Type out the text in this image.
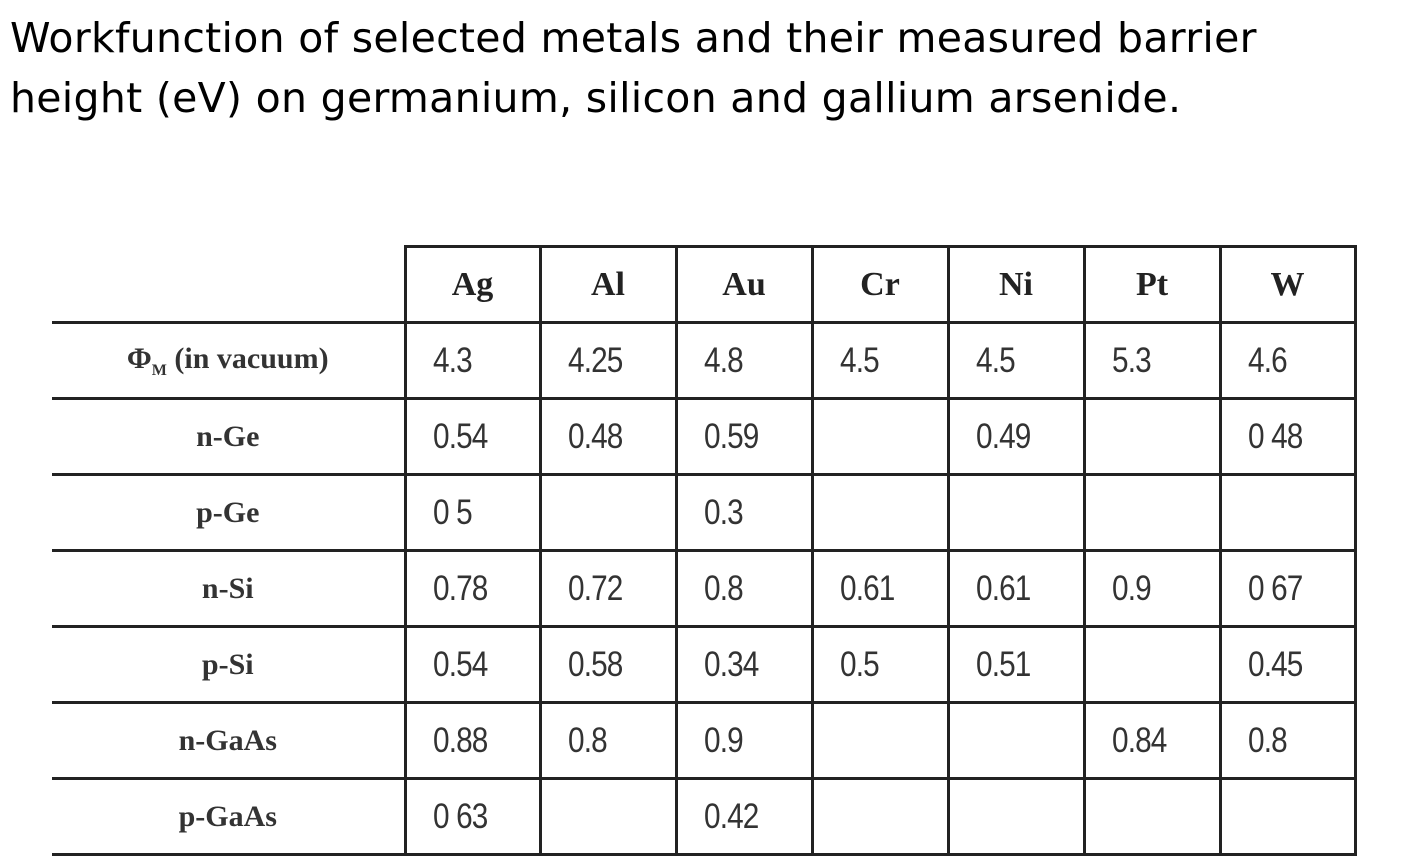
Workfunction of selected metals and their measured barrier
height (eV) on germanium, silicon and gallium arsenide.
	Ag	Al	Au	Cr	Ni	Pt	W
$\Phi_M$ (in vacuum)	4.3	4.25	4.8	4.5	4.5	5.3	4.6
n-Ge	0.54	0.48	0.59		0.49		0 48
p-Ge	0 5		0.3				
n-Si	0.78	0.72	0.8	0.61	0.61	0.9	0 67
p-Si	0.54	0.58	0.34	0.5	0.51		0.45
n-GaAs	0.88	0.8	0.9			0.84	0.8
p-GaAs	0 63		0.42				
